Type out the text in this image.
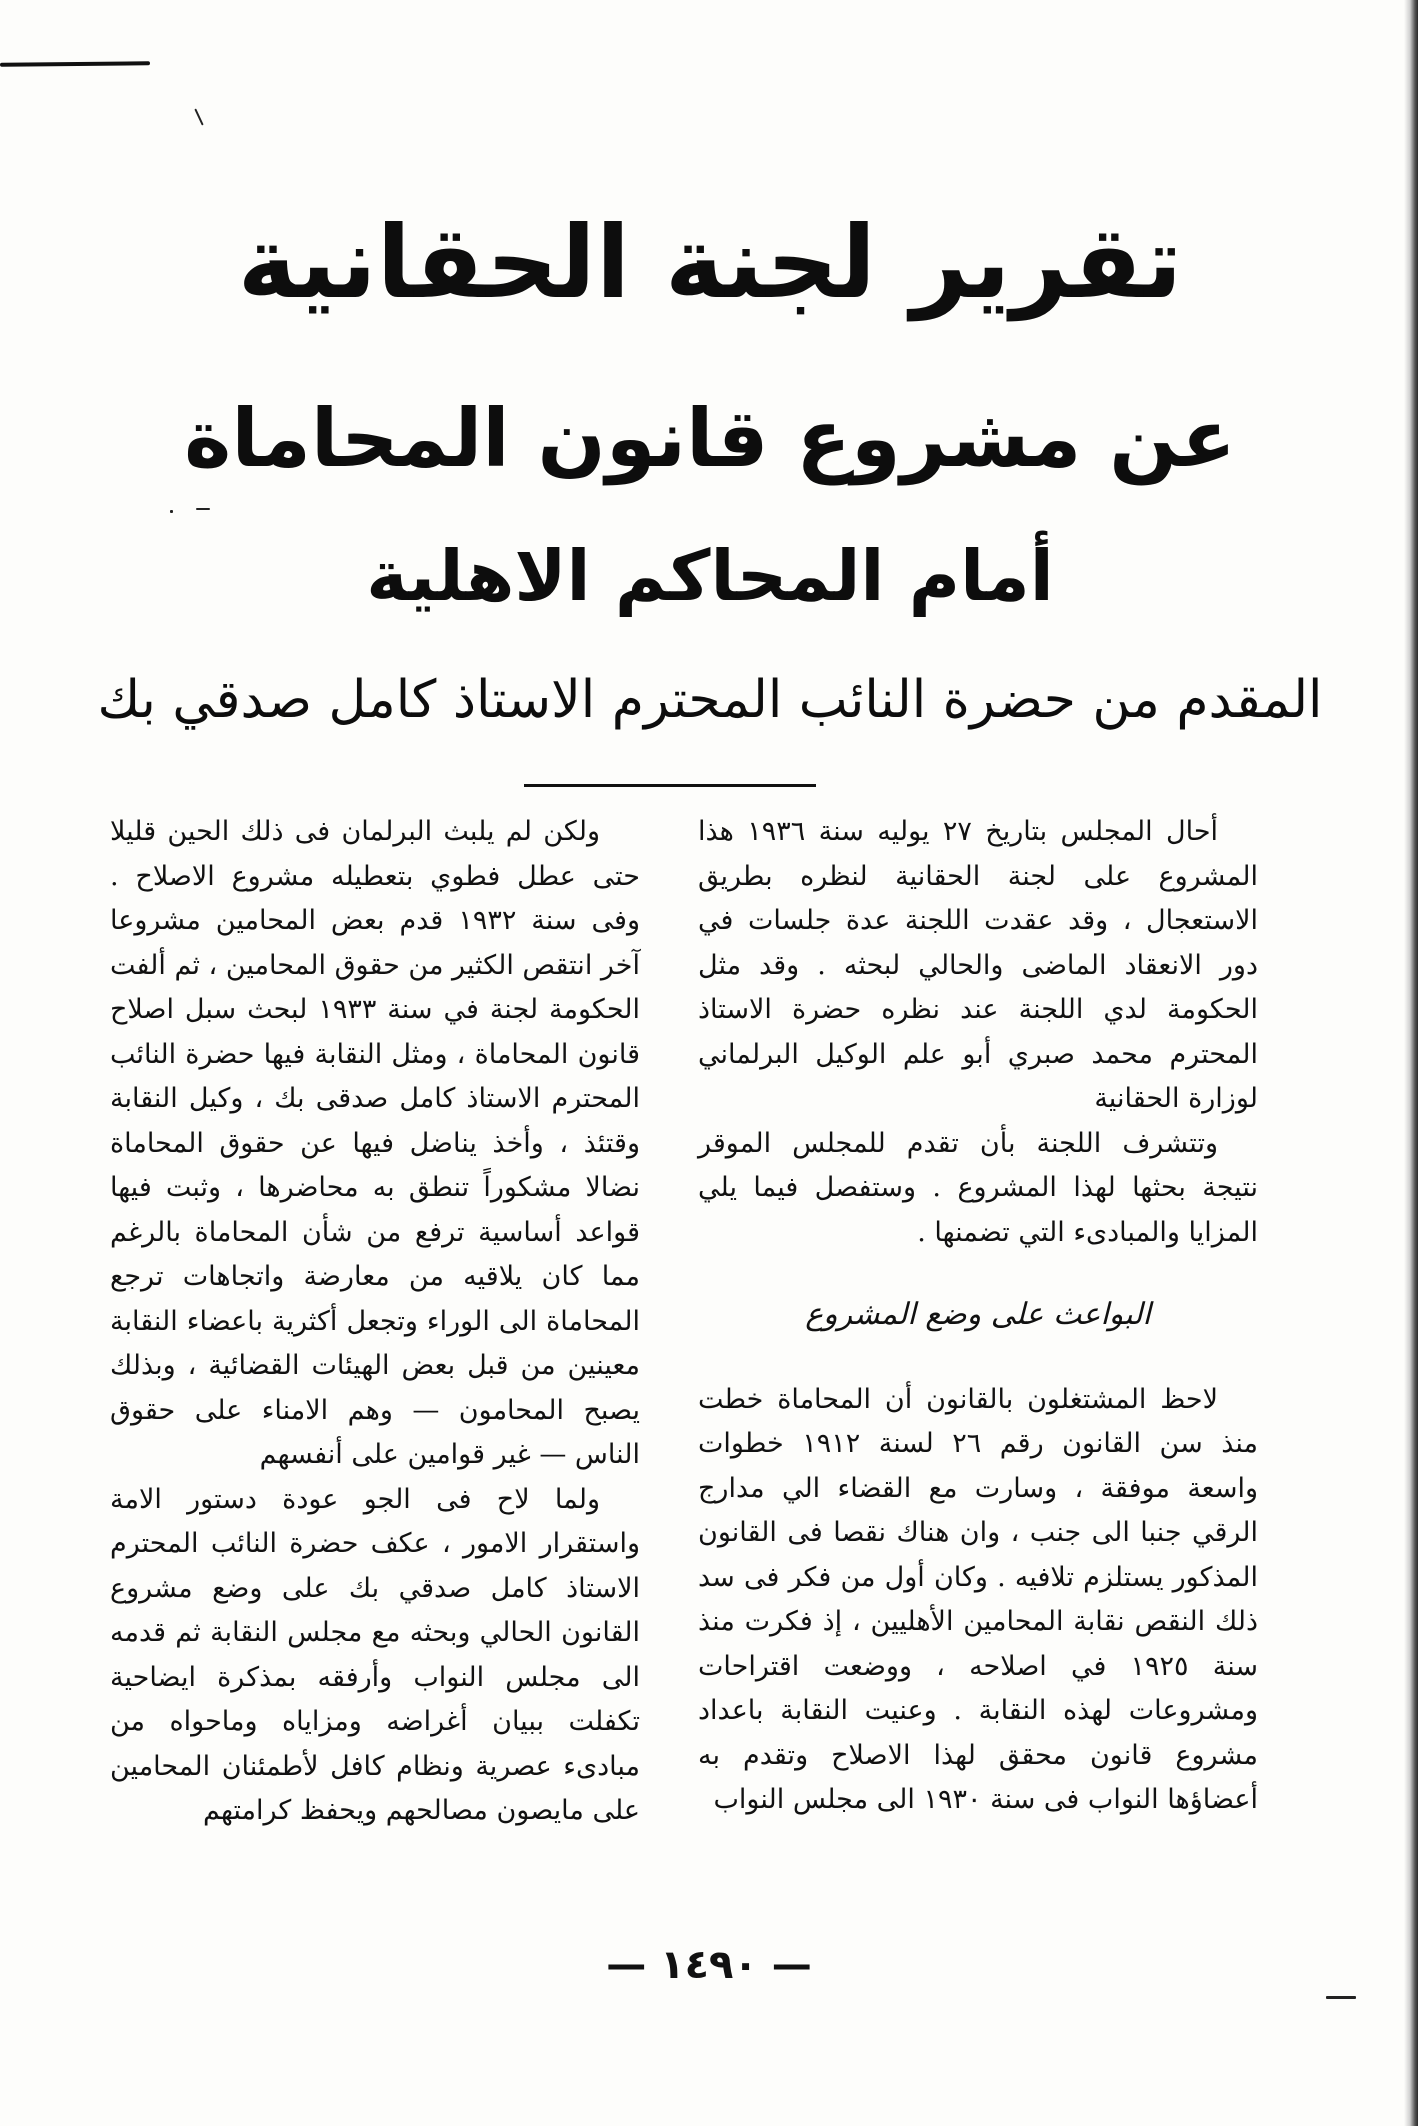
تقرير لجنة الحقانية
عن مشروع قانون المحاماة
أمام المحاكم الاهلية
المقدم من حضرة النائب المحترم الاستاذ كامل صدقي بك

أحال المجلس بتاريخ ٢٧ يوليه سنة ١٩٣٦ هذا المشروع على لجنة الحقانية لنظره بطريق الاستعجال ، وقد عقدت اللجنة عدة جلسات في دور الانعقاد الماضى والحالي لبحثه . وقد مثل الحكومة لدي اللجنة عند نظره حضرة الاستاذ المحترم محمد صبري أبو علم الوكيل البرلماني لوزارة الحقانية

وتتشرف اللجنة بأن تقدم للمجلس الموقر نتيجة بحثها لهذا المشروع . وستفصل فيما يلي المزايا والمبادىء التي تضمنها .

البواعث على وضع المشروع

لاحظ المشتغلون بالقانون أن المحاماة خطت منذ سن القانون رقم ٢٦ لسنة ١٩١٢ خطوات واسعة موفقة ، وسارت مع القضاء الي مدارج الرقي جنبا الى جنب ، وان هناك نقصا فى القانون المذكور يستلزم تلافيه . وكان أول من فكر فى سد ذلك النقص نقابة المحامين الأهليين ، إذ فكرت منذ سنة ١٩٢٥ في اصلاحه ، ووضعت اقتراحات ومشروعات لهذه النقابة . وعنيت النقابة باعداد مشروع قانون محقق لهذا الاصلاح وتقدم به أعضاؤها النواب فى سنة ١٩٣٠ الى مجلس النواب

ولكن لم يلبث البرلمان فى ذلك الحين قليلا حتى عطل فطوي بتعطيله مشروع الاصلاح . وفى سنة ١٩٣٢ قدم بعض المحامين مشروعا آخر انتقص الكثير من حقوق المحامين ، ثم ألفت الحكومة لجنة في سنة ١٩٣٣ لبحث سبل اصلاح قانون المحاماة ، ومثل النقابة فيها حضرة النائب المحترم الاستاذ كامل صدقى بك ، وكيل النقابة وقتئذ ، وأخذ يناضل فيها عن حقوق المحاماة نضالا مشكوراً تنطق به محاضرها ، وثبت فيها قواعد أساسية ترفع من شأن المحاماة بالرغم مما كان يلاقيه من معارضة واتجاهات ترجع المحاماة الى الوراء وتجعل أكثرية باعضاء النقابة معينين من قبل بعض الهيئات القضائية ، وبذلك يصبح المحامون — وهم الامناء على حقوق الناس — غير قوامين على أنفسهم

ولما لاح فى الجو عودة دستور الامة واستقرار الامور ، عكف حضرة النائب المحترم الاستاذ كامل صدقي بك على وضع مشروع القانون الحالي وبحثه مع مجلس النقابة ثم قدمه الى مجلس النواب وأرفقه بمذكرة ايضاحية تكفلت ببيان أغراضه ومزاياه وماحواه من مبادىء عصرية ونظام كافل لأطمئنان المحامين على مايصون مصالحهم ويحفظ كرامتهم

— ١٤٩٠ —
